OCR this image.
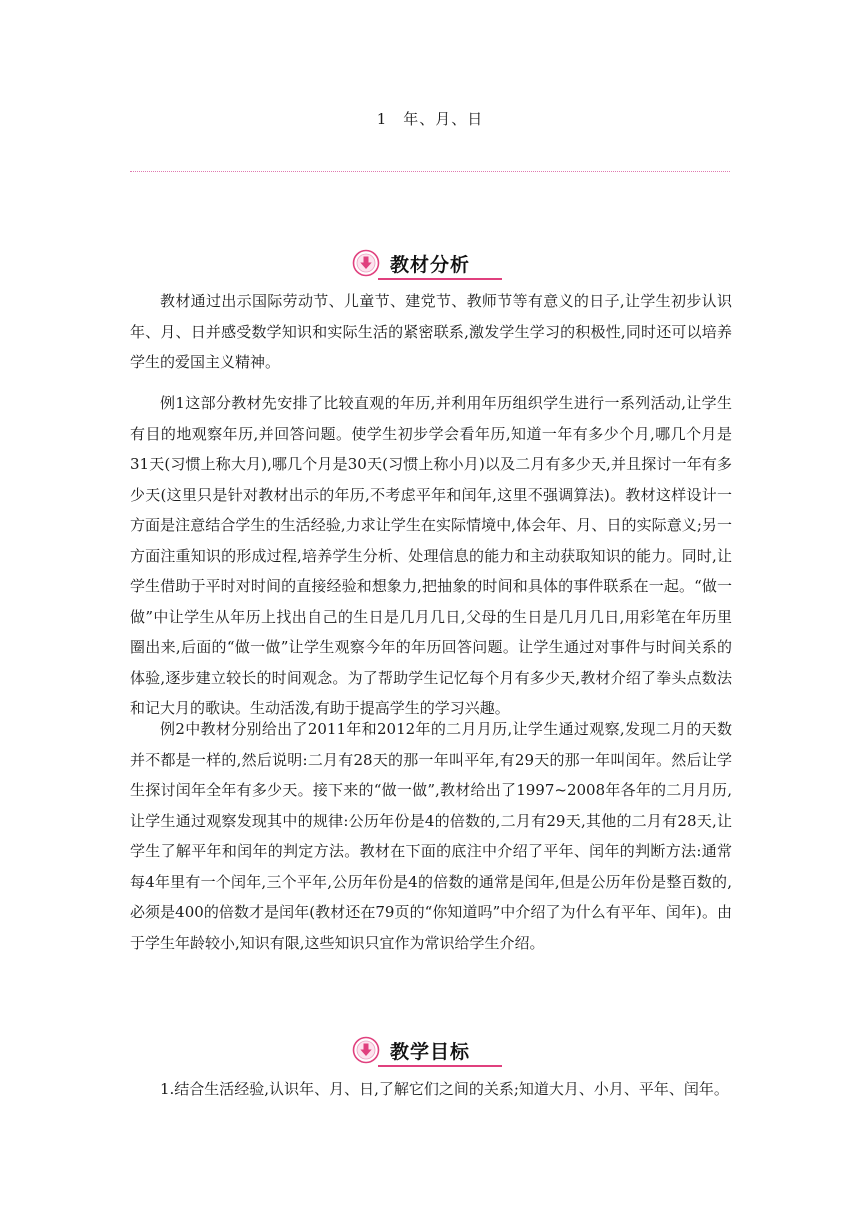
1　年、月、日
教材分析
教材通过出示国际劳动节、儿童节、建党节、教师节等有意义的日子,让学生初步认识年、月、日并感受数学知识和实际生活的紧密联系,激发学生学习的积极性,同时还可以培养学生的爱国主义精神。
例1这部分教材先安排了比较直观的年历,并利用年历组织学生进行一系列活动,让学生有目的地观察年历,并回答问题。使学生初步学会看年历,知道一年有多少个月,哪几个月是31天(习惯上称大月),哪几个月是30天(习惯上称小月)以及二月有多少天,并且探讨一年有多少天(这里只是针对教材出示的年历,不考虑平年和闰年,这里不强调算法)。教材这样设计一方面是注意结合学生的生活经验,力求让学生在实际情境中,体会年、月、日的实际意义;另一方面注重知识的形成过程,培养学生分析、处理信息的能力和主动获取知识的能力。同时,让学生借助于平时对时间的直接经验和想象力,把抽象的时间和具体的事件联系在一起。“做一做”中让学生从年历上找出自己的生日是几月几日,父母的生日是几月几日,用彩笔在年历里圈出来,后面的“做一做”让学生观察今年的年历回答问题。让学生通过对事件与时间关系的体验,逐步建立较长的时间观念。为了帮助学生记忆每个月有多少天,教材介绍了拳头点数法和记大月的歌诀。生动活泼,有助于提高学生的学习兴趣。
例2中教材分别给出了2011年和2012年的二月月历,让学生通过观察,发现二月的天数并不都是一样的,然后说明:二月有28天的那一年叫平年,有29天的那一年叫闰年。然后让学生探讨闰年全年有多少天。接下来的“做一做”,教材给出了1997~2008年各年的二月月历,让学生通过观察发现其中的规律:公历年份是4的倍数的,二月有29天,其他的二月有28天,让学生了解平年和闰年的判定方法。教材在下面的底注中介绍了平年、闰年的判断方法:通常每4年里有一个闰年,三个平年,公历年份是4的倍数的通常是闰年,但是公历年份是整百数的,必须是400的倍数才是闰年(教材还在79页的“你知道吗”中介绍了为什么有平年、闰年)。由于学生年龄较小,知识有限,这些知识只宜作为常识给学生介绍。
教学目标
1.结合生活经验,认识年、月、日,了解它们之间的关系;知道大月、小月、平年、闰年。
